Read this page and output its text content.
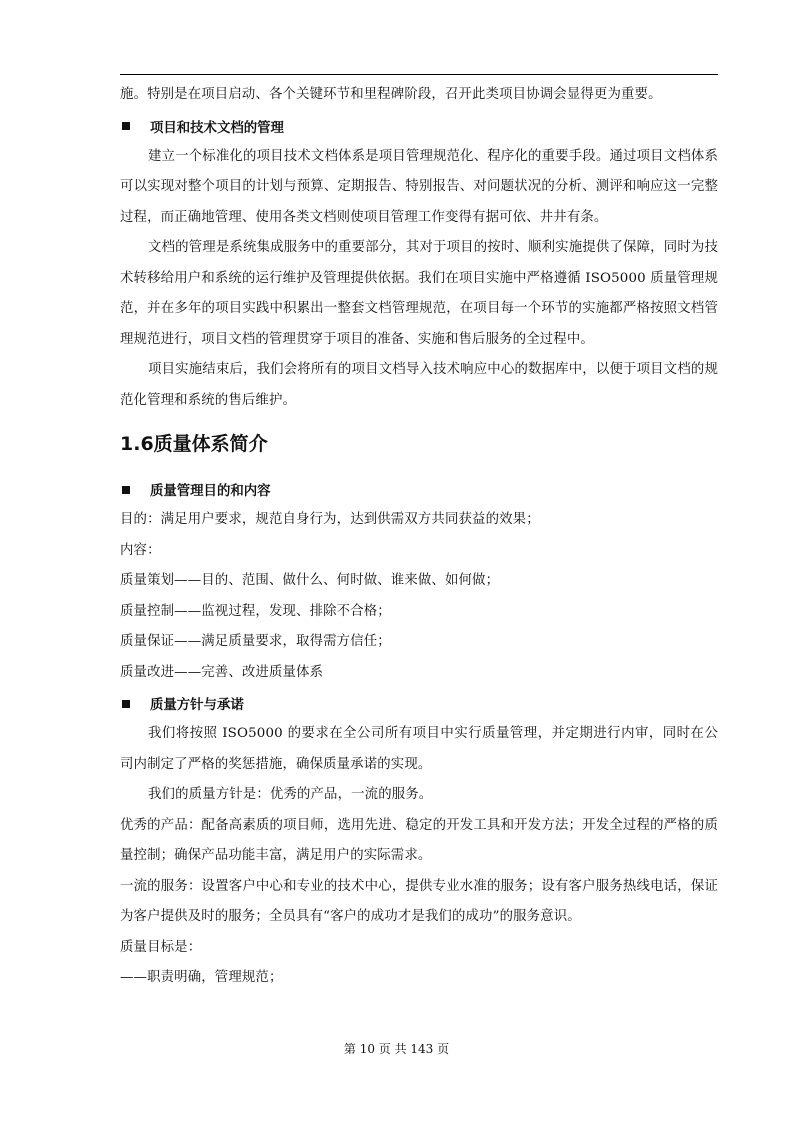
施。特别是在项目启动、各个关键环节和里程碑阶段，召开此类项目协调会显得更为重要。

项目和技术文档的管理

建立一个标准化的项目技术文档体系是项目管理规范化、程序化的重要手段。通过项目文档体系可以实现对整个项目的计划与预算、定期报告、特别报告、对问题状况的分析、测评和响应这一完整过程，而正确地管理、使用各类文档则使项目管理工作变得有据可依、井井有条。

文档的管理是系统集成服务中的重要部分，其对于项目的按时、顺利实施提供了保障，同时为技术转移给用户和系统的运行维护及管理提供依据。我们在项目实施中严格遵循 ISO5000 质量管理规范，并在多年的项目实践中积累出一整套文档管理规范，在项目每一个环节的实施都严格按照文档管理规范进行，项目文档的管理贯穿于项目的准备、实施和售后服务的全过程中。

项目实施结束后，我们会将所有的项目文档导入技术响应中心的数据库中，以便于项目文档的规范化管理和系统的售后维护。

1.6质量体系简介
质量管理目的和内容

目的：满足用户要求，规范自身行为，达到供需双方共同获益的效果；

内容：

质量策划——目的、范围、做什么、何时做、谁来做、如何做；

质量控制——监视过程，发现、排除不合格；

质量保证——满足质量要求，取得需方信任；

质量改进——完善、改进质量体系

质量方针与承诺

我们将按照 ISO5000 的要求在全公司所有项目中实行质量管理，并定期进行内审，同时在公司内制定了严格的奖惩措施，确保质量承诺的实现。

我们的质量方针是：优秀的产品，一流的服务。

优秀的产品：配备高素质的项目师，选用先进、稳定的开发工具和开发方法；开发全过程的严格的质量控制；确保产品功能丰富，满足用户的实际需求。

一流的服务：设置客户中心和专业的技术中心，提供专业水准的服务；设有客户服务热线电话，保证为客户提供及时的服务；全员具有“客户的成功才是我们的成功”的服务意识。

质量目标是：

——职责明确，管理规范；

第 10 页 共 143 页
